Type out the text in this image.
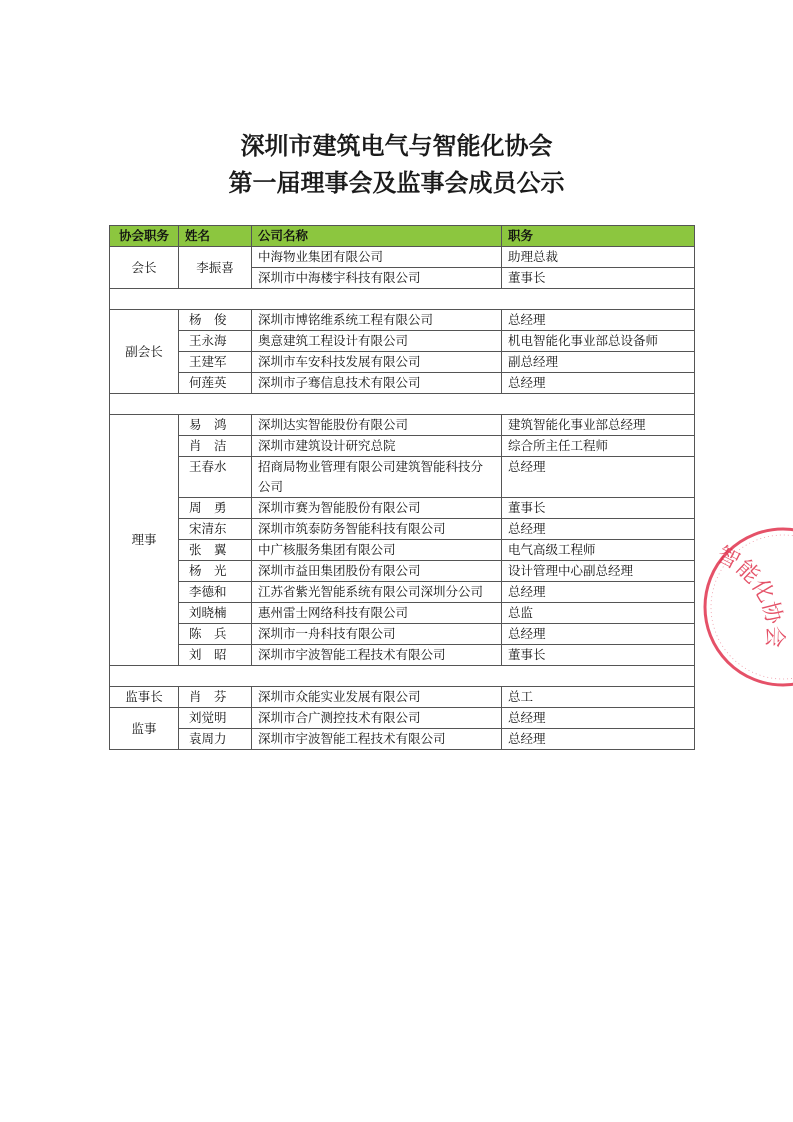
深圳市建筑电气与智能化协会
第一届理事会及监事会成员公示
协会职务	姓名	公司名称	职务
会长	李振喜	中海物业集团有限公司	助理总裁
		深圳市中海楼宇科技有限公司	董事长

副会长	杨　俊	深圳市博铭维系统工程有限公司	总经理
	王永海	奥意建筑工程设计有限公司	机电智能化事业部总设备师
	王建军	深圳市车安科技发展有限公司	副总经理
	何莲英	深圳市子骞信息技术有限公司	总经理

理事	易　鸿	深圳达实智能股份有限公司	建筑智能化事业部总经理
	肖　洁	深圳市建筑设计研究总院	综合所主任工程师
	王春水	招商局物业管理有限公司建筑智能科技分公司	总经理
	周　勇	深圳市赛为智能股份有限公司	董事长
	宋清东	深圳市筑泰防务智能科技有限公司	总经理
	张　翼	中广核服务集团有限公司	电气高级工程师
	杨　光	深圳市益田集团股份有限公司	设计管理中心副总经理
	李德和	江苏省紫光智能系统有限公司深圳分公司	总经理
	刘晓楠	惠州雷士网络科技有限公司	总监
	陈　兵	深圳市一舟科技有限公司	总经理
	刘　昭	深圳市宇波智能工程技术有限公司	董事长

监事长	肖　芬	深圳市众能实业发展有限公司	总工
监事	刘觉明	深圳市合广测控技术有限公司	总经理
	袁周力	深圳市宇波智能工程技术有限公司	总经理
智能化协会
